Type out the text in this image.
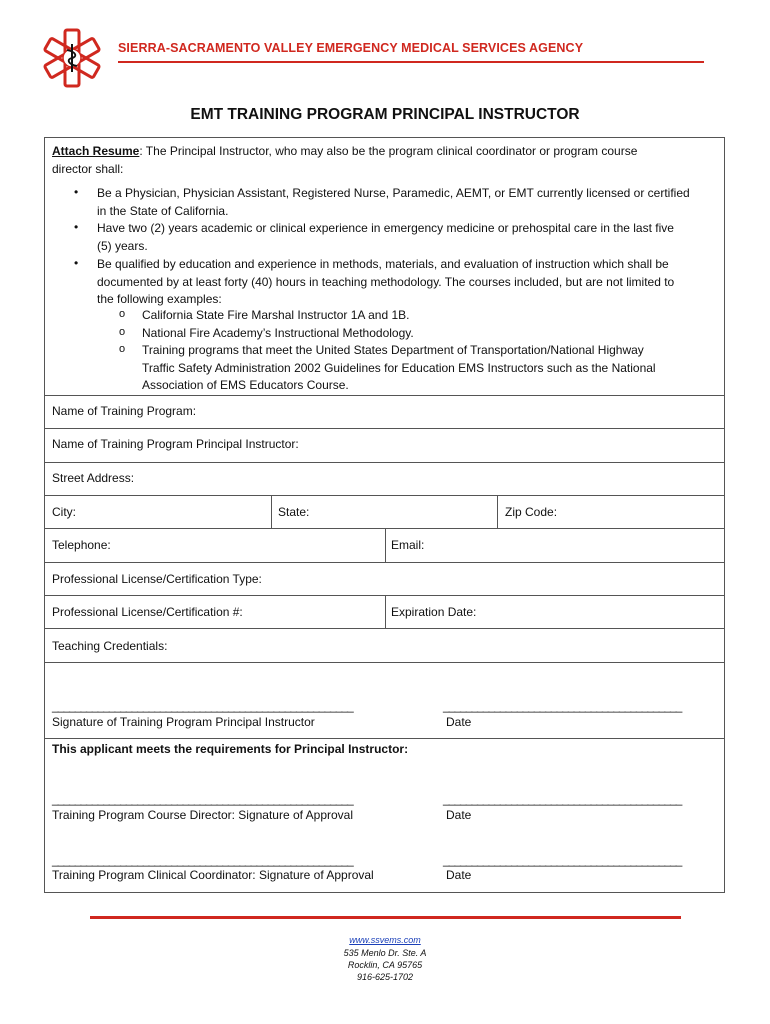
SIERRA-SACRAMENTO VALLEY EMERGENCY MEDICAL SERVICES AGENCY
EMT TRAINING PROGRAM PRINCIPAL INSTRUCTOR
Attach Resume: The Principal Instructor, who may also be the program clinical coordinator or program course
director shall:
• Be a Physician, Physician Assistant, Registered Nurse, Paramedic, AEMT, or EMT currently licensed or certified
in the State of California.
• Have two (2) years academic or clinical experience in emergency medicine or prehospital care in the last five
(5) years.
• Be qualified by education and experience in methods, materials, and evaluation of instruction which shall be
documented by at least forty (40) hours in teaching methodology. The courses included, but are not limited to
the following examples:
o California State Fire Marshal Instructor 1A and 1B.
o National Fire Academy’s Instructional Methodology.
o Training programs that meet the United States Department of Transportation/National Highway
Traffic Safety Administration 2002 Guidelines for Education EMS Instructors such as the National
Association of EMS Educators Course.
Name of Training Program:
Name of Training Program Principal Instructor:
Street Address:
City:	State:	Zip Code:
Telephone:	Email:
Professional License/Certification Type:
Professional License/Certification #:	Expiration Date:
Teaching Credentials:
_____________________________________________________	__________________________________________
Signature of Training Program Principal Instructor	Date
This applicant meets the requirements for Principal Instructor:
_____________________________________________________	__________________________________________
Training Program Course Director: Signature of Approval	Date
_____________________________________________________	__________________________________________
Training Program Clinical Coordinator: Signature of Approval	Date
www.ssvems.com
535 Menlo Dr. Ste. A
Rocklin, CA 95765
916-625-1702
